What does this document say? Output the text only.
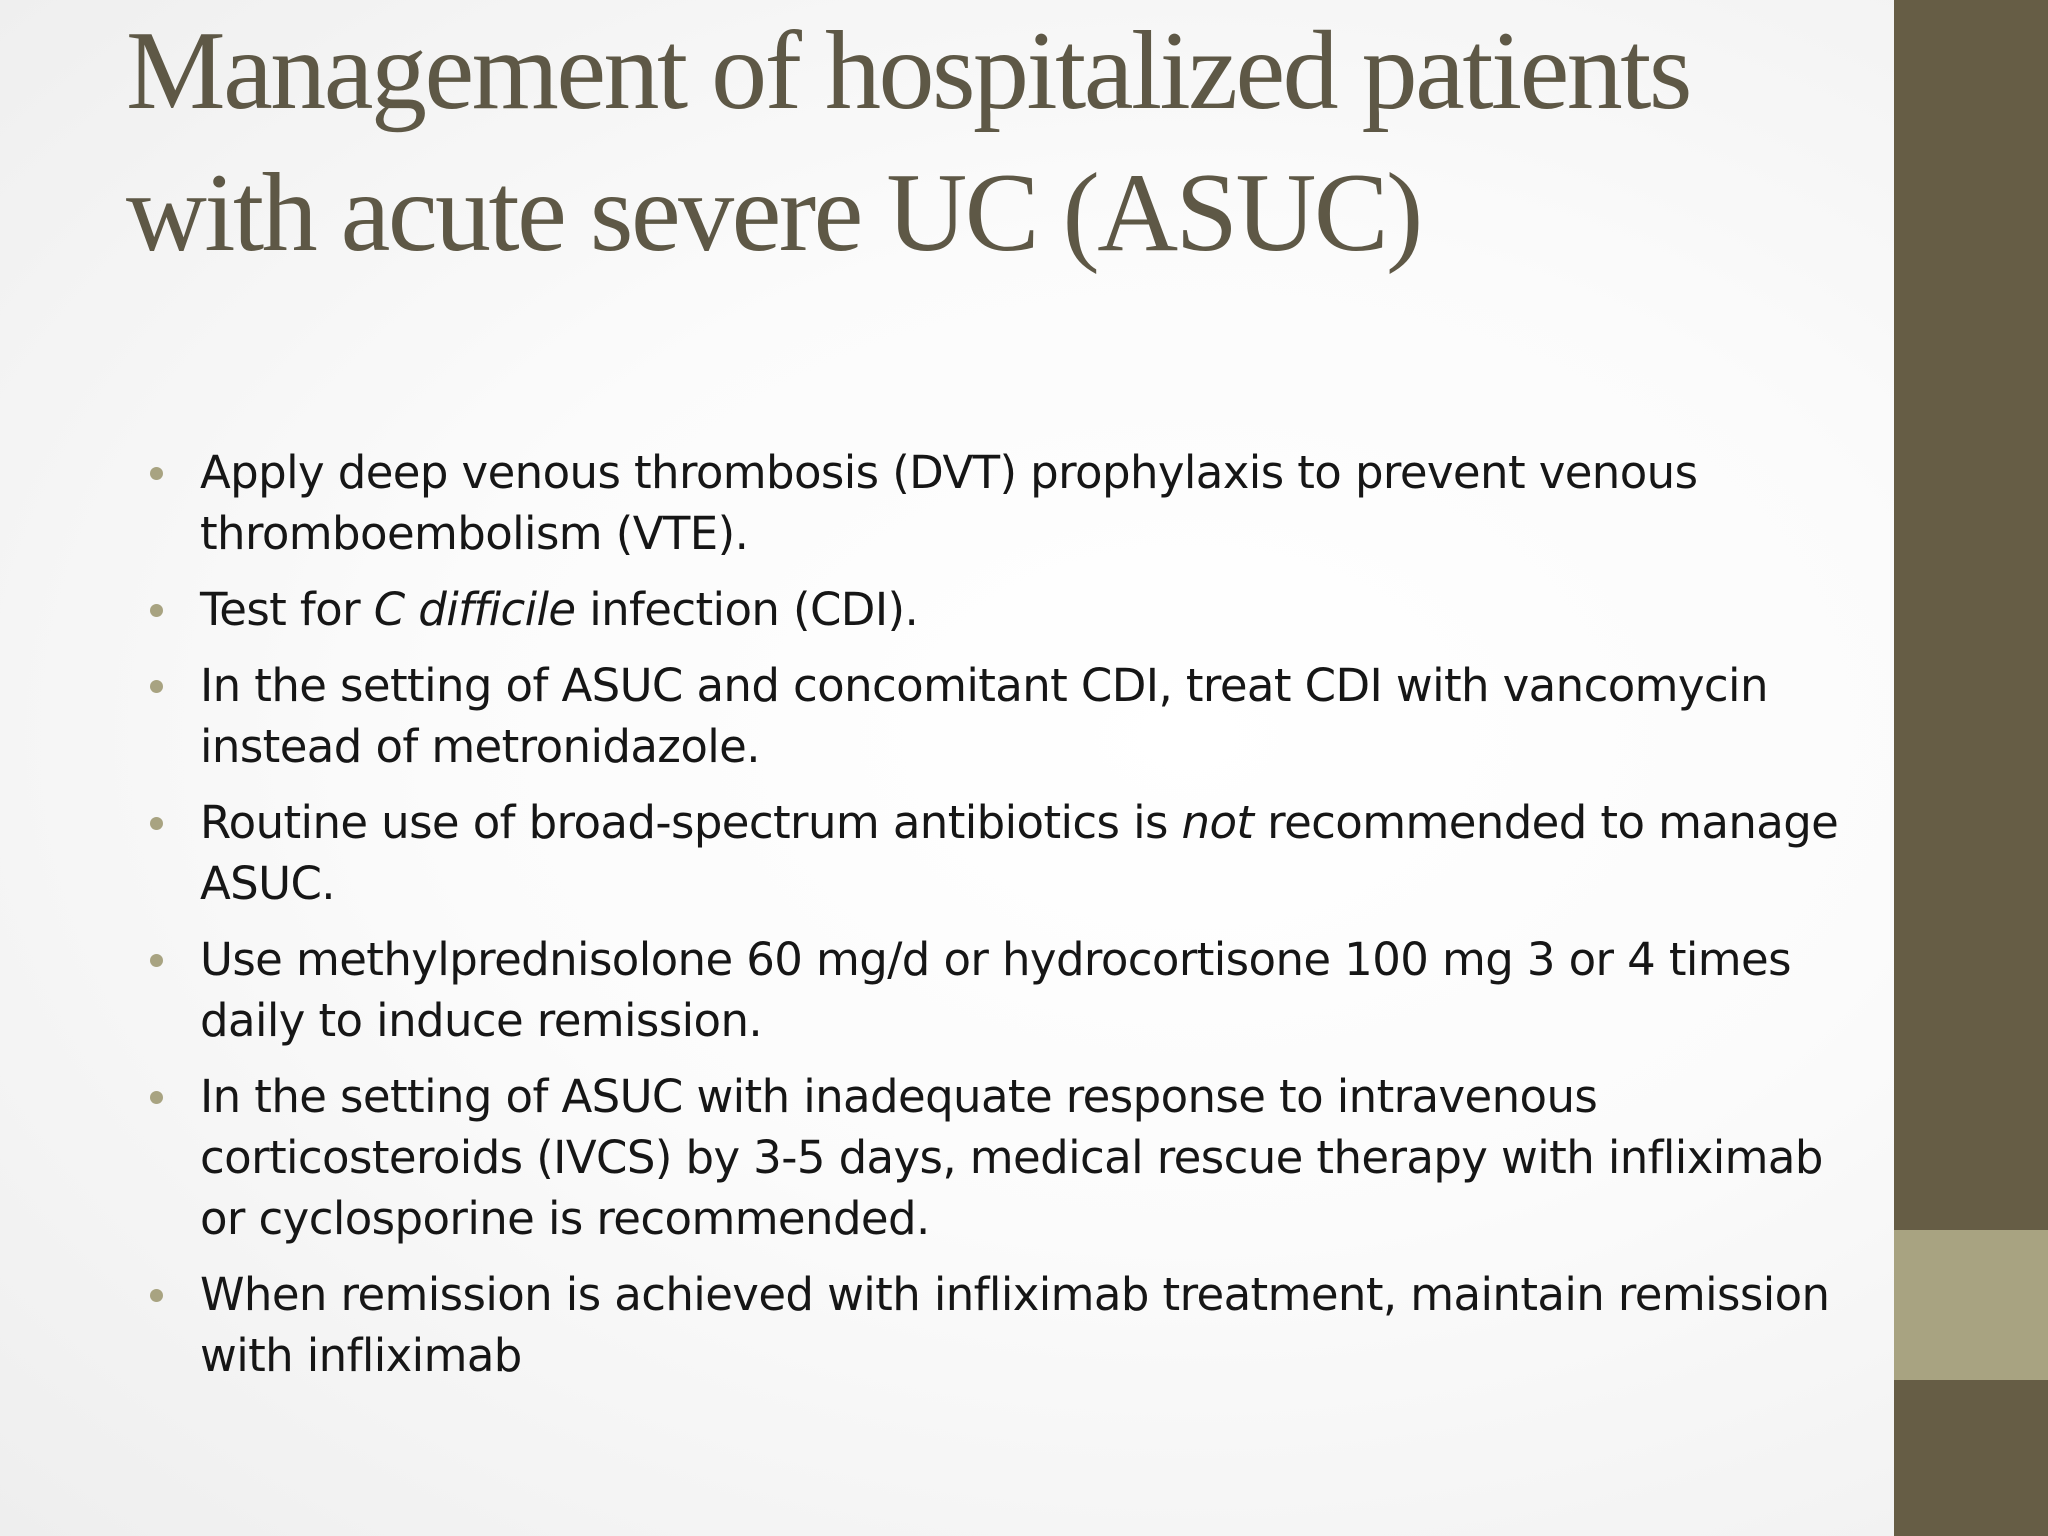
Management of hospitalized patients with acute severe UC (ASUC)
Apply deep venous thrombosis (DVT) prophylaxis to prevent venous thromboembolism (VTE).
Test for C difficile infection (CDI).
In the setting of ASUC and concomitant CDI, treat CDI with vancomycin instead of metronidazole.
Routine use of broad-spectrum antibiotics is not recommended to manage ASUC.
Use methylprednisolone 60 mg/d or hydrocortisone 100 mg 3 or 4 times daily to induce remission.
In the setting of ASUC with inadequate response to intravenous corticosteroids (IVCS) by 3-5 days, medical rescue therapy with infliximab or cyclosporine is recommended.
When remission is achieved with infliximab treatment, maintain remission with infliximab
